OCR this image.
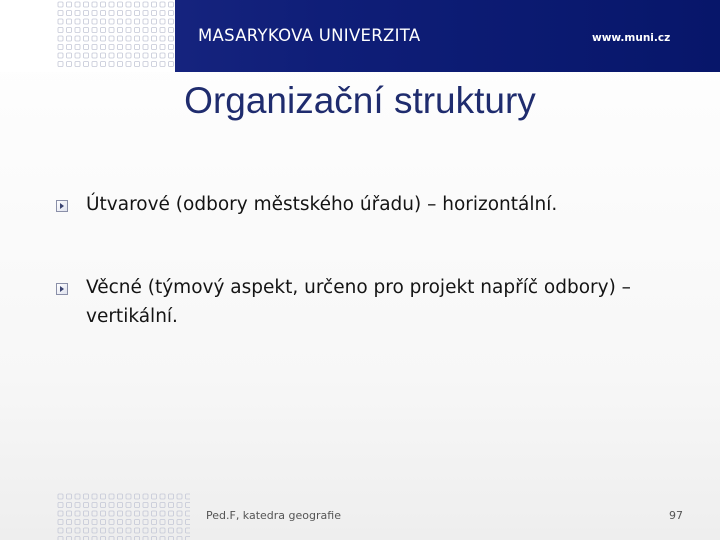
MASARYKOVA UNIVERZITA	www.muni.cz
Organizační struktury
Útvarové (odbory městského úřadu) – horizontální.
Věcné (týmový aspekt, určeno pro projekt napříč odbory) – vertikální.
Ped.F, katedra geografie	97
